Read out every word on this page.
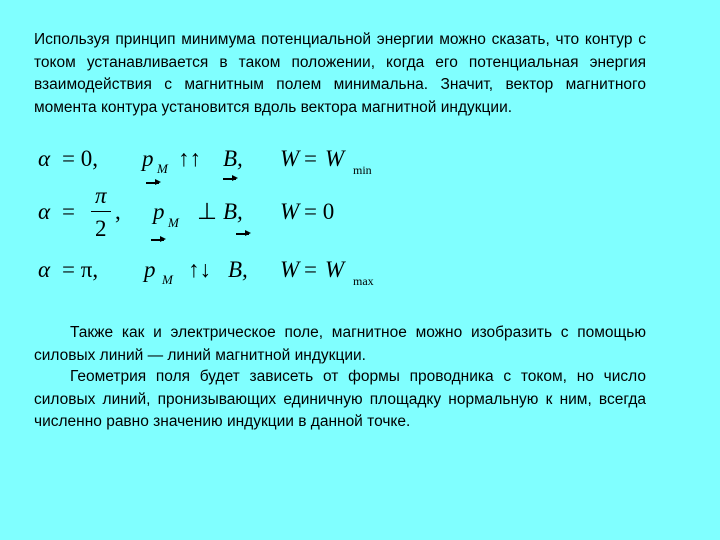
Используя принцип минимума потенциальной энергии можно сказать, что контур с током устанавливается в таком положении, когда его потенциальная энергия взаимодействия с магнитным полем минимальна. Значит, вектор магнитного момента контура установится вдоль вектора магнитной индукции.

α = 0, p M ↑↑ B, W = W min
α =
π
2
, p M ⊥ B, W = 0
α = π, p M ↑↓ B, W = W max

Также как и электрическое поле, магнитное можно изобразить с помощью силовых линий — линий магнитной индукции.

Геометрия поля будет зависеть от формы проводника с током, но число силовых линий, пронизывающих единичную площадку нормальную к ним, всегда численно равно значению индукции в данной точке.
